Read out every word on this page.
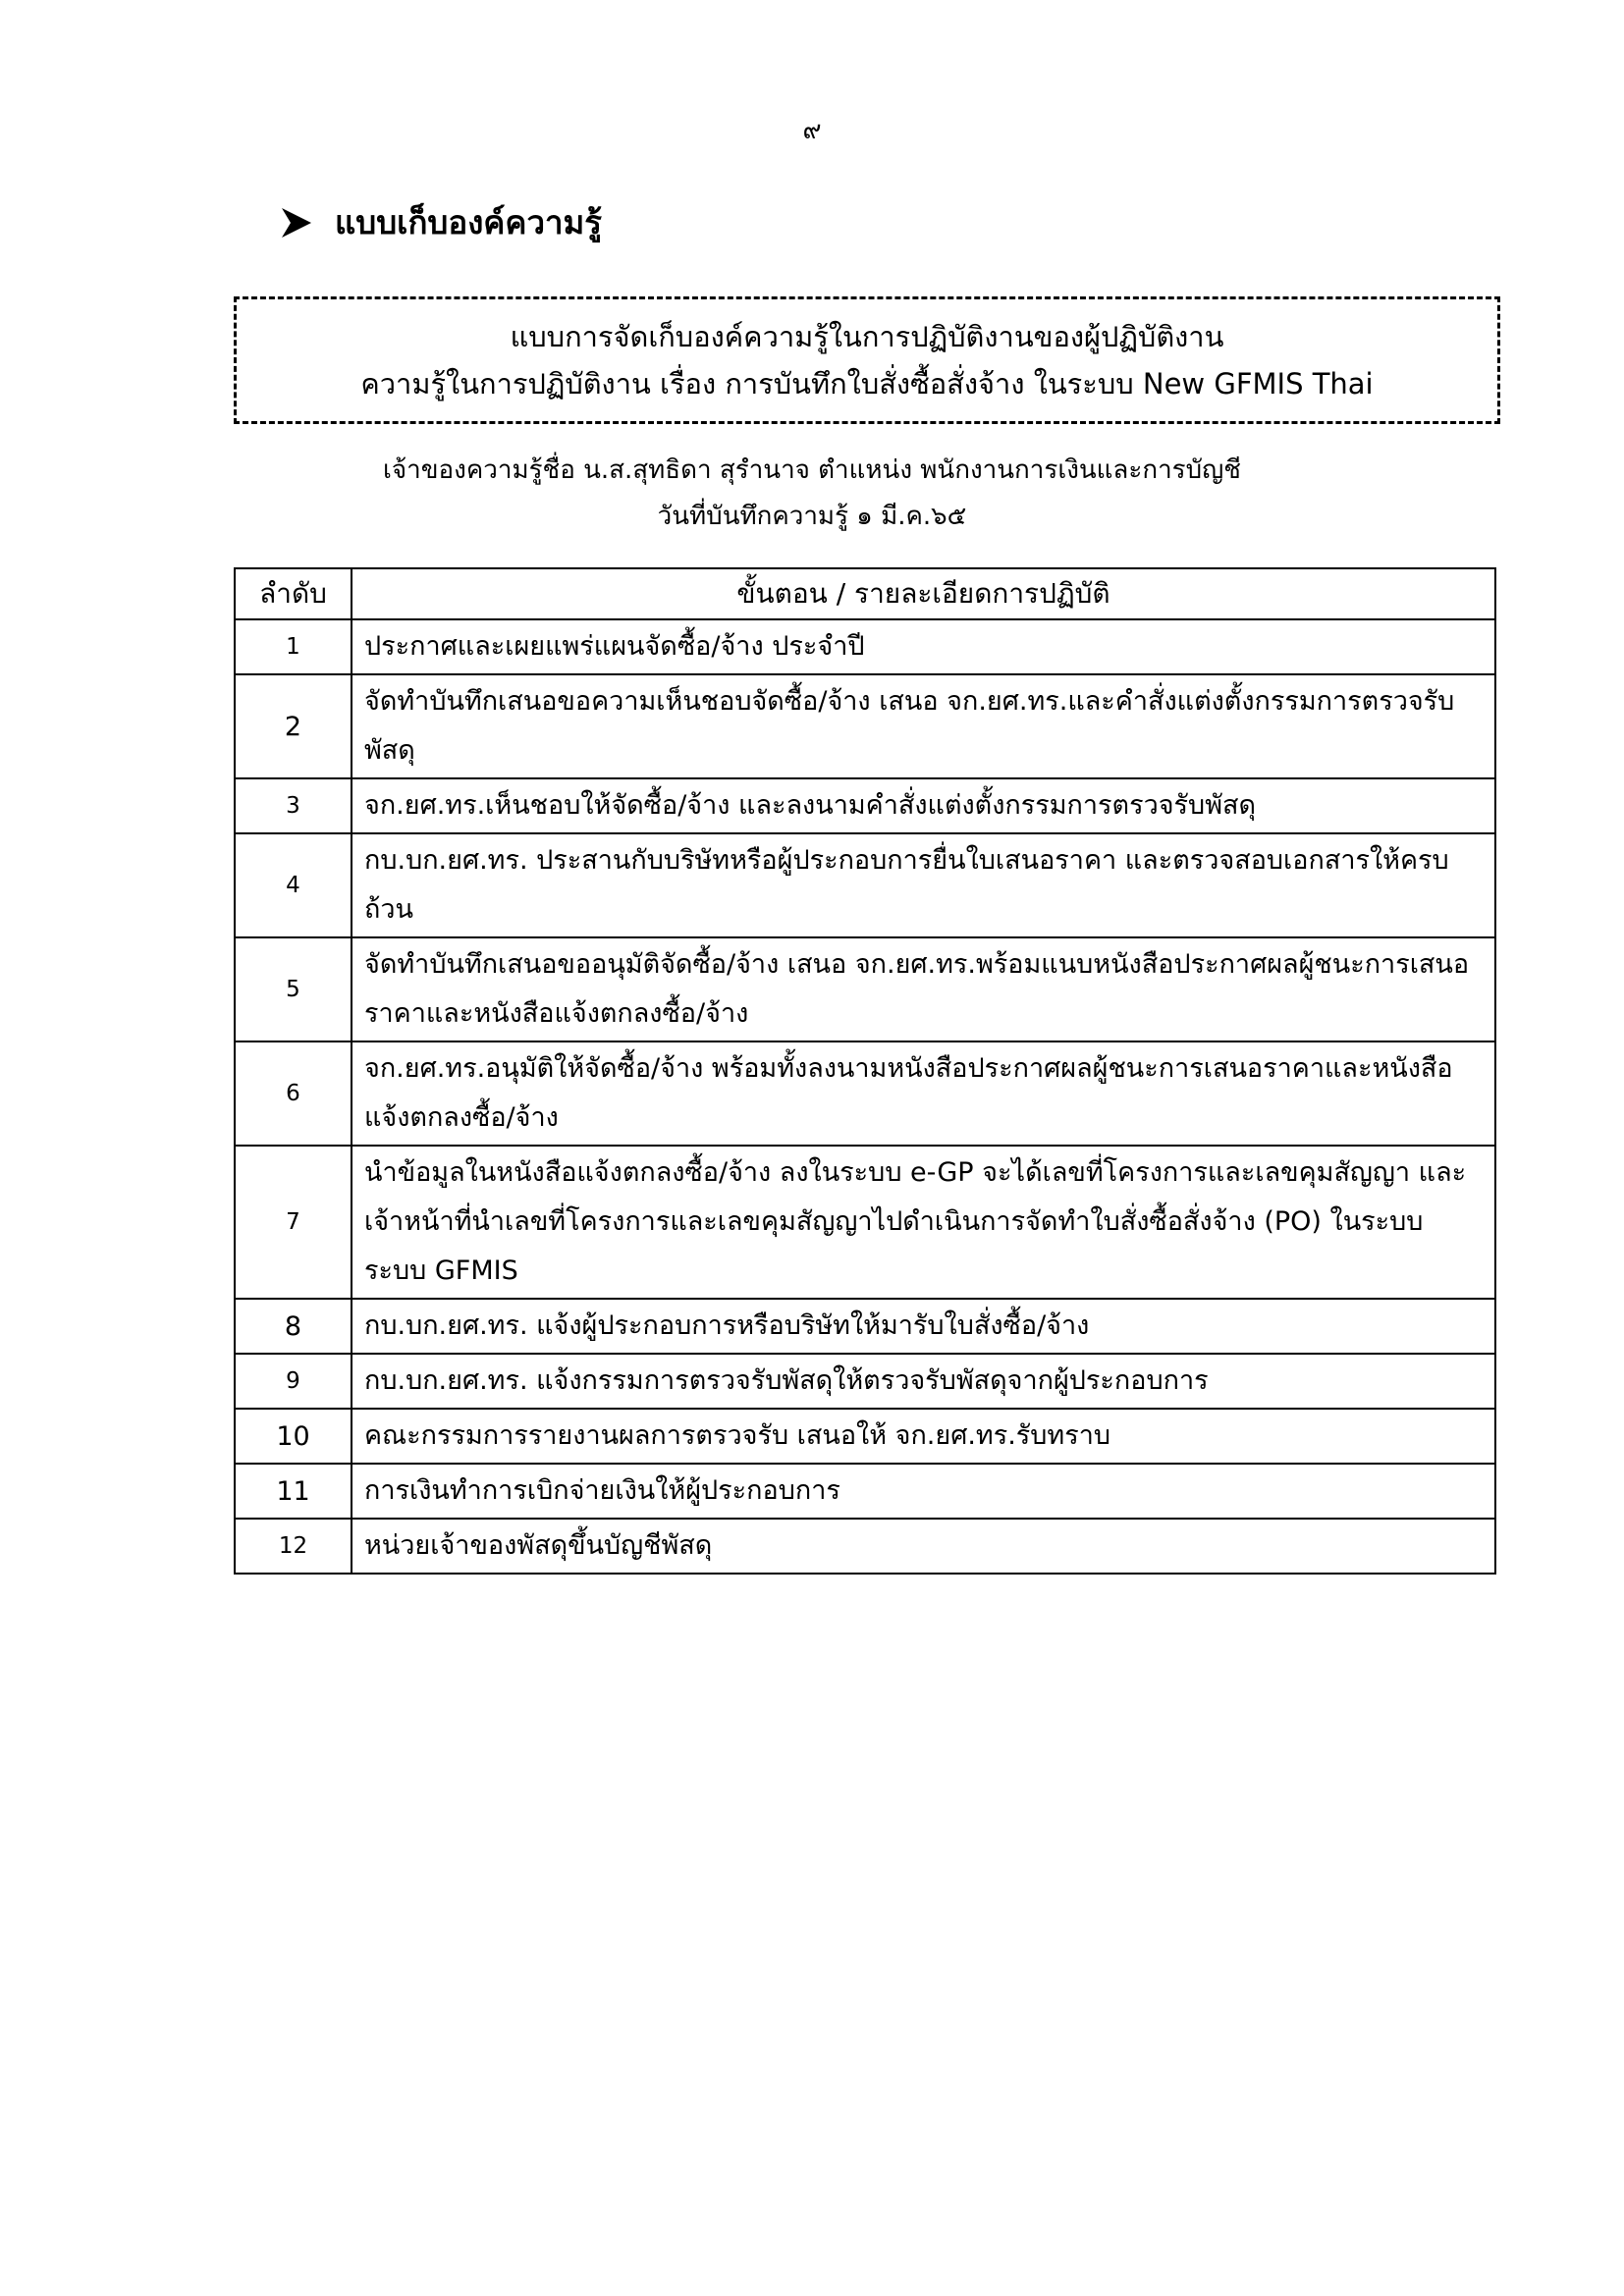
๙
แบบเก็บองค์ความรู้
แบบการจัดเก็บองค์ความรู้ในการปฏิบัติงานของผู้ปฏิบัติงาน
ความรู้ในการปฏิบัติงาน เรื่อง การบันทึกใบสั่งซื้อสั่งจ้าง ในระบบ New GFMIS Thai
เจ้าของความรู้ชื่อ น.ส.สุทธิดา สุรำนาจ ตำแหน่ง พนักงานการเงินและการบัญชี
วันที่บันทึกความรู้ ๑ มี.ค.๖๕
ลำดับ	ขั้นตอน / รายละเอียดการปฏิบัติ
1	ประกาศและเผยแพร่แผนจัดซื้อ/จ้าง ประจำปี
2	จัดทำบันทึกเสนอขอความเห็นชอบจัดซื้อ/จ้าง เสนอ จก.ยศ.ทร.และคำสั่งแต่งตั้งกรรมการตรวจรับพัสดุ
3	จก.ยศ.ทร.เห็นชอบให้จัดซื้อ/จ้าง และลงนามคำสั่งแต่งตั้งกรรมการตรวจรับพัสดุ
4	กบ.บก.ยศ.ทร. ประสานกับบริษัทหรือผู้ประกอบการยื่นใบเสนอราคา และตรวจสอบเอกสารให้ครบถ้วน
5	จัดทำบันทึกเสนอขออนุมัติจัดซื้อ/จ้าง เสนอ จก.ยศ.ทร.พร้อมแนบหนังสือประกาศผลผู้ชนะการเสนอราคาและหนังสือแจ้งตกลงซื้อ/จ้าง
6	จก.ยศ.ทร.อนุมัติให้จัดซื้อ/จ้าง พร้อมทั้งลงนามหนังสือประกาศผลผู้ชนะการเสนอราคาและหนังสือแจ้งตกลงซื้อ/จ้าง
7	นำข้อมูลในหนังสือแจ้งตกลงซื้อ/จ้าง ลงในระบบ e-GP จะได้เลขที่โครงการและเลขคุมสัญญา และเจ้าหน้าที่นำเลขที่โครงการและเลขคุมสัญญาไปดำเนินการจัดทำใบสั่งซื้อสั่งจ้าง (PO) ในระบบระบบ GFMIS
8	กบ.บก.ยศ.ทร. แจ้งผู้ประกอบการหรือบริษัทให้มารับใบสั่งซื้อ/จ้าง
9	กบ.บก.ยศ.ทร. แจ้งกรรมการตรวจรับพัสดุให้ตรวจรับพัสดุจากผู้ประกอบการ
10	คณะกรรมการรายงานผลการตรวจรับ เสนอให้ จก.ยศ.ทร.รับทราบ
11	การเงินทำการเบิกจ่ายเงินให้ผู้ประกอบการ
12	หน่วยเจ้าของพัสดุขึ้นบัญชีพัสดุ
